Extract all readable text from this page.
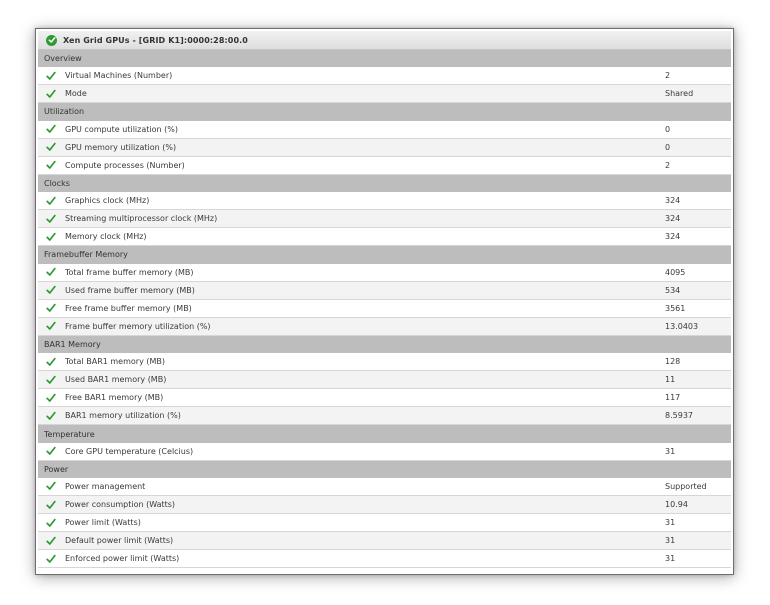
Xen Grid GPUs - [GRID K1]:0000:28:00.0
Overview
Virtual Machines (Number)	2
Mode	Shared
Utilization
GPU compute utilization (%)	0
GPU memory utilization (%)	0
Compute processes (Number)	2
Clocks
Graphics clock (MHz)	324
Streaming multiprocessor clock (MHz)	324
Memory clock (MHz)	324
Framebuffer Memory
Total frame buffer memory (MB)	4095
Used frame buffer memory (MB)	534
Free frame buffer memory (MB)	3561
Frame buffer memory utilization (%)	13.0403
BAR1 Memory
Total BAR1 memory (MB)	128
Used BAR1 memory (MB)	11
Free BAR1 memory (MB)	117
BAR1 memory utilization (%)	8.5937
Temperature
Core GPU temperature (Celcius)	31
Power
Power management	Supported
Power consumption (Watts)	10.94
Power limit (Watts)	31
Default power limit (Watts)	31
Enforced power limit (Watts)	31
